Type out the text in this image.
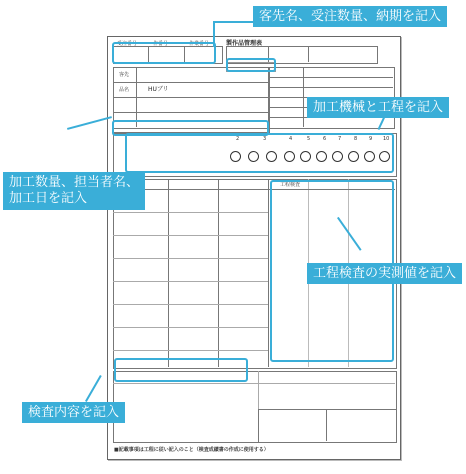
製作品管理表
受注番号	作番号	作業番号
客先
品名	HUブリ
2	3	4	5	6 7	8 9 10
工程検査
■記載事項は工程に従い記入のこと（検査成績書の作成に使用する）
客先名、受注数量、納期を記入
加工機械と工程を記入
加工数量、担当者名、
加工日を記入
工程検査の実測値を記入
検査内容を記入
